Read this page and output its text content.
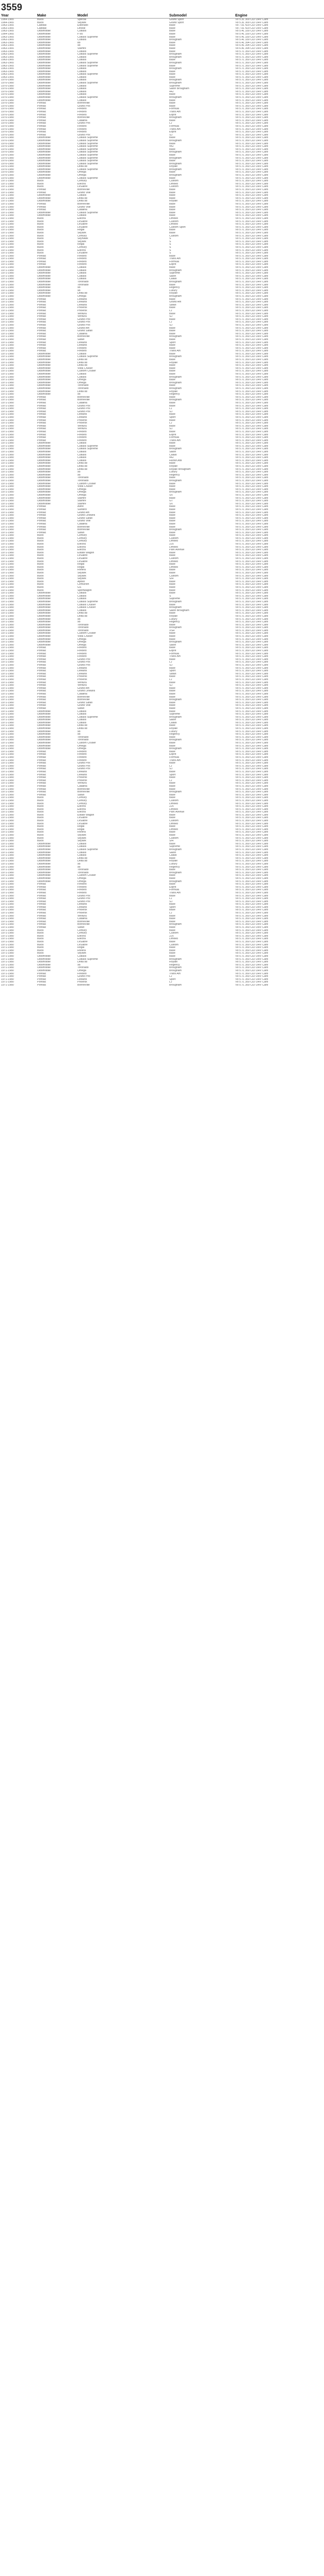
3559
Year	Make	Model	Submodel	Engine
1964-1965	Buick	Special	Grand Sport	V8 5.3L 300 CID OHV Carb
1964-1965	Buick	Skylark	Grand Sport	V8 5.3L 300 CID OHV Carb
1963-1965	Cadillac	Eldorado	Base	V8 7.0L 429 CID OHV Carb
1963-1965	Cadillac	Deville	Base	V8 7.0L 429 CID OHV Carb
1963-1965	Oldsmobile	Cutlass	Base	V8 5.4L 330 CID OHV Carb
1964-1965	Oldsmobile	F-85	Base	V8 5.4L 330 CID OHV Carb
1963-1965	Oldsmobile	Cutlass Supreme	Base	V8 5.4L 330 CID OHV Carb
1963-1965	Oldsmobile	Cutlass	Brougham	V8 5.4L 330 CID OHV Carb
1963-1965	Oldsmobile	88	Base	V8 6.4L 394 CID OHV Carb
1963-1965	Oldsmobile	98	Base	V8 6.4L 394 CID OHV Carb
1963-1965	Oldsmobile	Starfire	Base	V8 6.4L 394 CID OHV Carb
1963-1965	Oldsmobile	Cutlass	Base	V8 5.7L 350 CID OHV Carb
1963-1965	Oldsmobile	Cutlass Supreme	Brougham	V8 5.7L 350 CID OHV Carb
1963-1965	Oldsmobile	Cutlass	Brougham	V8 5.7L 350 CID OHV Carb
1963-1965	Oldsmobile	Cutlass	Base	V8 5.7L 350 CID OHV Carb
1963-1965	Oldsmobile	Cutlass Supreme	Brougham	V8 5.7L 350 CID OHV Carb
1963-1965	Oldsmobile	Cutlass Supreme	Base	V8 5.7L 350 CID OHV Carb
1963-1965	Oldsmobile	Cutlass	Brougham	V8 5.7L 350 CID OHV Carb
1963-1965	Oldsmobile	Cutlass	Base	V8 5.7L 350 CID OHV Carb
1963-1965	Oldsmobile	Cutlass Supreme	Base	V8 5.7L 350 CID OHV Carb
1963-1965	Oldsmobile	Cutlass	Base	V8 5.7L 350 CID OHV Carb
1970-1980	Oldsmobile	Cutlass	Brougham	V8 5.7L 350 CID OHV Carb
1970-1980	Oldsmobile	Cutlass Supreme	Brougham	V8 5.7L 350 CID OHV Carb
1970-1980	Oldsmobile	Cutlass	Supreme	V8 5.7L 350 CID OHV Carb
1970-1980	Oldsmobile	Cutlass	Salon Brougham	V8 5.7L 350 CID OHV Carb
1970-1980	Oldsmobile	Cutlass	442	V8 5.7L 350 CID OHV Carb
1970-1980	Oldsmobile	Cutlass	Base	V8 5.7L 350 CID OHV Carb
1970-1980	Oldsmobile	Cutlass Supreme	Brougham	V8 5.7L 350 CID OHV Carb
1970-1980	Oldsmobile	Cutlass	Base	V8 5.7L 350 CID OHV Carb
1970-1980	Pontiac	Bonneville	Base	V8 5.7L 350 CID OHV Carb
1970-1980	Pontiac	Grand Prix	Base	V8 5.7L 350 CID OHV Carb
1970-1980	Pontiac	Firebird	Formula	V8 5.7L 350 CID OHV Carb
1970-1980	Pontiac	Firebird	Trans Am	V8 5.7L 350 CID OHV Carb
1970-1980	Pontiac	Firebird	Esprit	V8 5.7L 350 CID OHV Carb
1970-1980	Pontiac	Bonneville	Brougham	V8 5.7L 350 CID OHV Carb
1970-1980	Pontiac	Catalina	Base	V8 5.7L 350 CID OHV Carb
1970-1980	Pontiac	Grand Prix	LJ	V8 5.7L 350 CID OHV Carb
1970-1980	Pontiac	Firebird	Formula	V8 5.7L 350 CID OHV Carb
1970-1980	Pontiac	Firebird	Trans Am	V8 5.7L 350 CID OHV Carb
1970-1980	Pontiac	Firebird	Esprit	V8 5.7L 350 CID OHV Carb
1970-1980	Pontiac	Grand Prix	SJ	V8 5.7L 350 CID OHV Carb
1970-1980	Oldsmobile	Cutlass Supreme	Base	V8 5.7L 350 CID OHV Carb
1970-1980	Oldsmobile	Cutlass Supreme	Brougham	V8 5.7L 350 CID OHV Carb
1970-1980	Oldsmobile	Cutlass Supreme	Base	V8 5.7L 350 CID OHV Carb
1970-1980	Oldsmobile	Cutlass Supreme	442	V8 5.7L 350 CID OHV Carb
1970-1980	Oldsmobile	Cutlass Supreme	Base	V8 5.7L 350 CID OHV Carb
1970-1980	Oldsmobile	Cutlass Supreme	Brougham	V8 5.7L 350 CID OHV Carb
1970-1980	Oldsmobile	Cutlass Supreme	Base	V8 5.7L 350 CID OHV Carb
1970-1980	Oldsmobile	Cutlass Supreme	Brougham	V8 5.7L 350 CID OHV Carb
1970-1980	Oldsmobile	Cutlass Supreme	Base	V8 5.7L 350 CID OHV Carb
1970-1980	Oldsmobile	Cutlass Supreme	Brougham	V8 5.7L 350 CID OHV Carb
1970-1980	Oldsmobile	Delta 88	Royale	V8 5.7L 350 CID OHV Carb
1970-1980	Oldsmobile	Cutlass Supreme	Brougham	V8 5.7L 350 CID OHV Carb
1970-1980	Oldsmobile	Omega	Base	V8 5.7L 350 CID OHV Carb
1970-1980	Oldsmobile	Omega	Brougham	V8 5.7L 350 CID OHV Carb
1970-1980	Oldsmobile	Cutlass Supreme	Base	V8 5.7L 350 CID OHV Carb
1971-1980	Buick	Century	Custom	V8 5.7L 350 CID OHV Carb
1971-1980	Buick	Electra	Limited	V8 5.7L 350 CID OHV Carb
1971-1980	Buick	LeSabre	Custom	V8 5.7L 350 CID OHV Carb
1971-1980	Pontiac	Bonneville	Base	V8 5.7L 350 CID OHV Carb
1971-1980	Pontiac	Grand Ville	Base	V8 5.7L 350 CID OHV Carb
1971-1980	Oldsmobile	Cutlass	Base	V8 5.7L 350 CID OHV Carb
1971-1980	Oldsmobile	Delta 88	Base	V8 5.7L 350 CID OHV Carb
1971-1980	Oldsmobile	Delta 88	Royale	V8 5.7L 350 CID OHV Carb
1971-1980	Pontiac	Bonneville	Base	V8 5.7L 350 CID OHV Carb
1971-1980	Pontiac	Grand Ville	Base	V8 5.7L 350 CID OHV Carb
1971-1980	Pontiac	Catalina	Base	V8 5.7L 350 CID OHV Carb
1971-1980	Oldsmobile	Cutlass Supreme	Base	V8 5.7L 350 CID OHV Carb
1971-1980	Oldsmobile	Cutlass	Base	V8 5.7L 350 CID OHV Carb
1971-1980	Buick	Electra	Limited	V8 5.7L 350 CID OHV Carb
1971-1980	Buick	LeSabre	Custom	V8 5.7L 350 CID OHV Carb
1971-1980	Buick	LeSabre	Limited	V8 5.7L 350 CID OHV Carb
1971-1980	Buick	LeSabre	Custom Sport	V8 5.7L 350 CID OHV Carb
1971-1980	Buick	Regal	Base	V8 5.7L 350 CID OHV Carb
1971-1980	Buick	Skylark	Base	V8 5.7L 350 CID OHV Carb
1971-1980	Buick	Century	Custom	V8 5.7L 350 CID OHV Carb
1971-1980	Buick	Skyhawk	S	V8 5.7L 350 CID OHV Carb
1971-1980	Buick	Skylark	S	V8 5.7L 350 CID OHV Carb
1971-1980	Buick	Regal	S	V8 5.7L 350 CID OHV Carb
1971-1980	Buick	Century	S	V8 5.7L 350 CID OHV Carb
1971-1980	Buick	Electra	S	V8 5.7L 350 CID OHV Carb
1971-1980	Buick	LeSabre	S	V8 5.7L 350 CID OHV Carb
1971-1980	Pontiac	Firebird	Base	V8 5.7L 350 CID OHV Carb
1971-1980	Pontiac	Firebird	Trans Am	V8 5.7L 350 CID OHV Carb
1971-1980	Pontiac	Firebird	Formula	V8 5.7L 350 CID OHV Carb
1971-1980	Pontiac	Firebird	Esprit	V8 5.7L 350 CID OHV Carb
1971-1980	Oldsmobile	Cutlass	Base	V8 5.7L 350 CID OHV Carb
1971-1980	Oldsmobile	Cutlass	Brougham	V8 5.7L 350 CID OHV Carb
1971-1980	Oldsmobile	Cutlass	Supreme	V8 5.7L 350 CID OHV Carb
1971-1980	Oldsmobile	Cutlass	Salon	V8 5.7L 350 CID OHV Carb
1971-1980	Oldsmobile	Cutlass	Calais	V8 5.7L 350 CID OHV Carb
1971-1980	Oldsmobile	Toronado	Brougham	V8 5.7L 350 CID OHV Carb
1971-1980	Oldsmobile	Toronado	Base	V8 5.7L 350 CID OHV Carb
1971-1980	Oldsmobile	98	Regency	V8 5.7L 350 CID OHV Carb
1971-1980	Oldsmobile	98	Luxury	V8 5.7L 350 CID OHV Carb
1971-1980	Oldsmobile	Delta 88	Royale	V8 5.7L 350 CID OHV Carb
1971-1980	Oldsmobile	Omega	Brougham	V8 5.7L 350 CID OHV Carb
1971-1980	Pontiac	LeMans	Base	V8 5.7L 350 CID OHV Carb
1971-1980	Pontiac	LeMans	Grand Am	V8 5.7L 350 CID OHV Carb
1971-1980	Pontiac	LeMans	Safari	V8 5.7L 350 CID OHV Carb
1971-1980	Pontiac	Phoenix	Base	V8 5.7L 350 CID OHV Carb
1971-1980	Pontiac	Phoenix	LJ	V8 5.7L 350 CID OHV Carb
1971-1980	Pontiac	Ventura	Base	V8 5.7L 350 CID OHV Carb
1971-1980	Pontiac	Ventura	SJ	V8 5.7L 350 CID OHV Carb
1971-1980	Pontiac	Grand Prix	Base	V8 5.7L 350 CID OHV Carb
1971-1980	Pontiac	Grand Prix	LJ	V8 5.7L 350 CID OHV Carb
1971-1980	Pontiac	Grand Prix	SJ	V8 5.7L 350 CID OHV Carb
1971-1980	Pontiac	Grand Am	Base	V8 5.7L 350 CID OHV Carb
1971-1980	Pontiac	Grand Safari	Base	V8 5.7L 350 CID OHV Carb
1971-1980	Pontiac	Catalina	Base	V8 5.7L 350 CID OHV Carb
1971-1980	Pontiac	Bonneville	Brougham	V8 5.7L 350 CID OHV Carb
1971-1980	Pontiac	Safari	Base	V8 5.7L 350 CID OHV Carb
1971-1980	Pontiac	LeMans	Sport	V8 5.7L 350 CID OHV Carb
1971-1980	Pontiac	LeMans	Base	V8 5.7L 350 CID OHV Carb
1971-1980	Pontiac	Firebird	Base	V8 5.7L 350 CID OHV Carb
1971-1980	Pontiac	Firebird	Trans Am	V8 5.7L 350 CID OHV Carb
1971-1980	Oldsmobile	Cutlass	Base	V8 5.7L 350 CID OHV Carb
1971-1980	Oldsmobile	Cutlass Supreme	Brougham	V8 5.7L 350 CID OHV Carb
1971-1980	Oldsmobile	Delta 88	Base	V8 5.7L 350 CID OHV Carb
1971-1980	Oldsmobile	Delta 88	Royale	V8 5.7L 350 CID OHV Carb
1971-1980	Oldsmobile	Delta 88	Base	V8 5.7L 350 CID OHV Carb
1971-1980	Oldsmobile	Vista Cruiser	Base	V8 5.7L 350 CID OHV Carb
1971-1980	Oldsmobile	Custom Cruiser	Base	V8 5.7L 350 CID OHV Carb
1971-1980	Oldsmobile	Cutlass	Base	V8 5.7L 350 CID OHV Carb
1971-1980	Oldsmobile	Cutlass	Brougham	V8 5.7L 350 CID OHV Carb
1971-1980	Oldsmobile	Omega	Base	V8 5.7L 350 CID OHV Carb
1971-1980	Oldsmobile	Omega	Brougham	V8 5.7L 350 CID OHV Carb
1971-1980	Oldsmobile	Toronado	Base	V8 5.7L 350 CID OHV Carb
1971-1980	Oldsmobile	Toronado	Brougham	V8 5.7L 350 CID OHV Carb
1971-1980	Oldsmobile	Delta 88	Royale	V8 5.7L 350 CID OHV Carb
1971-1980	Oldsmobile	98	Regency	V8 5.7L 350 CID OHV Carb
1971-1980	Pontiac	Bonneville	Base	V8 5.7L 350 CID OHV Carb
1971-1980	Pontiac	Bonneville	Brougham	V8 5.7L 350 CID OHV Carb
1971-1980	Pontiac	Catalina	Base	V8 5.7L 350 CID OHV Carb
1971-1980	Pontiac	Grand Prix	Base	V8 5.7L 350 CID OHV Carb
1971-1980	Pontiac	Grand Prix	LJ	V8 5.7L 350 CID OHV Carb
1971-1980	Pontiac	Grand Prix	SJ	V8 5.7L 350 CID OHV Carb
1971-1980	Pontiac	LeMans	Base	V8 5.7L 350 CID OHV Carb
1971-1980	Pontiac	LeMans	Sport	V8 5.7L 350 CID OHV Carb
1971-1980	Pontiac	Phoenix	Base	V8 5.7L 350 CID OHV Carb
1971-1980	Pontiac	Phoenix	LJ	V8 5.7L 350 CID OHV Carb
1971-1980	Pontiac	Ventura	Base	V8 5.7L 350 CID OHV Carb
1971-1980	Pontiac	Ventura	SJ	V8 5.7L 350 CID OHV Carb
1971-1980	Pontiac	Firebird	Base	V8 5.7L 350 CID OHV Carb
1971-1980	Pontiac	Firebird	Esprit	V8 5.7L 350 CID OHV Carb
1971-1980	Pontiac	Firebird	Formula	V8 5.7L 350 CID OHV Carb
1971-1980	Pontiac	Firebird	Trans Am	V8 5.7L 350 CID OHV Carb
1971-1980	Oldsmobile	Cutlass	Base	V8 5.7L 350 CID OHV Carb
1971-1980	Oldsmobile	Cutlass Supreme	Base	V8 5.7L 350 CID OHV Carb
1971-1980	Oldsmobile	Cutlass Supreme	Brougham	V8 5.7L 350 CID OHV Carb
1971-1980	Oldsmobile	Cutlass	Salon	V8 5.7L 350 CID OHV Carb
1971-1980	Oldsmobile	Cutlass	Calais	V8 5.7L 350 CID OHV Carb
1971-1980	Oldsmobile	Cutlass	442	V8 5.7L 350 CID OHV Carb
1971-1980	Oldsmobile	Cutlass	Hurst/Olds	V8 5.7L 350 CID OHV Carb
1971-1980	Oldsmobile	Delta 88	Base	V8 5.7L 350 CID OHV Carb
1971-1980	Oldsmobile	Delta 88	Royale	V8 5.7L 350 CID OHV Carb
1971-1980	Oldsmobile	Delta 88	Royale Brougham	V8 5.7L 350 CID OHV Carb
1971-1980	Oldsmobile	98	Luxury	V8 5.7L 350 CID OHV Carb
1971-1980	Oldsmobile	98	Regency	V8 5.7L 350 CID OHV Carb
1971-1980	Oldsmobile	Toronado	Base	V8 5.7L 350 CID OHV Carb
1971-1980	Oldsmobile	Toronado	Brougham	V8 5.7L 350 CID OHV Carb
1971-1980	Oldsmobile	Custom Cruiser	Base	V8 5.7L 350 CID OHV Carb
1971-1980	Oldsmobile	Vista Cruiser	Base	V8 5.7L 350 CID OHV Carb
1971-1980	Oldsmobile	Omega	Base	V8 5.7L 350 CID OHV Carb
1971-1980	Oldsmobile	Omega	Brougham	V8 5.7L 350 CID OHV Carb
1971-1980	Oldsmobile	Omega	SX	V8 5.7L 350 CID OHV Carb
1971-1980	Oldsmobile	Starfire	Base	V8 5.7L 350 CID OHV Carb
1971-1980	Oldsmobile	Starfire	GT	V8 5.7L 350 CID OHV Carb
1971-1980	Oldsmobile	Starfire	SX	V8 5.7L 350 CID OHV Carb
1971-1980	Pontiac	Astre	Base	V8 5.7L 350 CID OHV Carb
1971-1980	Pontiac	Sunbird	Base	V8 5.7L 350 CID OHV Carb
1971-1980	Pontiac	Grand Am	Base	V8 5.7L 350 CID OHV Carb
1971-1980	Pontiac	Grand LeMans	Base	V8 5.7L 350 CID OHV Carb
1971-1980	Pontiac	Grand Safari	Base	V8 5.7L 350 CID OHV Carb
1971-1980	Pontiac	Grand Ville	Base	V8 5.7L 350 CID OHV Carb
1971-1980	Pontiac	Catalina	Base	V8 5.7L 350 CID OHV Carb
1971-1980	Pontiac	Bonneville	Base	V8 5.7L 350 CID OHV Carb
1971-1980	Pontiac	Bonneville	Brougham	V8 5.7L 350 CID OHV Carb
1971-1980	Pontiac	Safari	Base	V8 5.7L 350 CID OHV Carb
1971-1980	Buick	Century	Base	V8 5.7L 350 CID OHV Carb
1971-1980	Buick	Century	Custom	V8 5.7L 350 CID OHV Carb
1971-1980	Buick	Century	Limited	V8 5.7L 350 CID OHV Carb
1971-1980	Buick	Electra	225	V8 5.7L 350 CID OHV Carb
1971-1980	Buick	Electra	Limited	V8 5.7L 350 CID OHV Carb
1971-1980	Buick	Electra	Park Avenue	V8 5.7L 350 CID OHV Carb
1971-1980	Buick	Estate Wagon	Base	V8 5.7L 350 CID OHV Carb
1971-1980	Buick	LeSabre	Base	V8 5.7L 350 CID OHV Carb
1971-1980	Buick	LeSabre	Custom	V8 5.7L 350 CID OHV Carb
1971-1980	Buick	LeSabre	Limited	V8 5.7L 350 CID OHV Carb
1971-1980	Buick	Regal	Base	V8 5.7L 350 CID OHV Carb
1971-1980	Buick	Regal	Limited	V8 5.7L 350 CID OHV Carb
1971-1980	Buick	Riviera	Base	V8 5.7L 350 CID OHV Carb
1971-1980	Buick	Skylark	Base	V8 5.7L 350 CID OHV Carb
1971-1980	Buick	Skylark	Custom	V8 5.7L 350 CID OHV Carb
1971-1980	Buick	Skylark	S/R	V8 5.7L 350 CID OHV Carb
1971-1980	Buick	Apollo	Base	V8 5.7L 350 CID OHV Carb
1971-1980	Buick	Centurion	Base	V8 5.7L 350 CID OHV Carb
1971-1980	Buick	GS	Base	V8 5.7L 350 CID OHV Carb
1971-1980	Buick	Sportwagon	Base	V8 5.7L 350 CID OHV Carb
1971-1980	Oldsmobile	Cutlass	Base	V8 5.7L 350 CID OHV Carb
1971-1980	Oldsmobile	Cutlass	S	V8 5.7L 350 CID OHV Carb
1971-1980	Oldsmobile	Cutlass	Supreme	V8 5.7L 350 CID OHV Carb
1971-1980	Oldsmobile	Cutlass Supreme	Brougham	V8 5.7L 350 CID OHV Carb
1971-1980	Oldsmobile	Cutlass Cruiser	Base	V8 5.7L 350 CID OHV Carb
1971-1980	Oldsmobile	Cutlass Cruiser	Brougham	V8 5.7L 350 CID OHV Carb
1971-1980	Oldsmobile	Cutlass	Salon Brougham	V8 5.7L 350 CID OHV Carb
1971-1980	Oldsmobile	Delta 88	Base	V8 5.7L 350 CID OHV Carb
1971-1980	Oldsmobile	Delta 88	Royale	V8 5.7L 350 CID OHV Carb
1971-1980	Oldsmobile	98	Luxury	V8 5.7L 350 CID OHV Carb
1971-1980	Oldsmobile	98	Regency	V8 5.7L 350 CID OHV Carb
1971-1980	Oldsmobile	Toronado	Base	V8 5.7L 350 CID OHV Carb
1971-1980	Oldsmobile	Toronado	Brougham	V8 5.7L 350 CID OHV Carb
1971-1980	Oldsmobile	Toronado	XSR	V8 5.7L 350 CID OHV Carb
1971-1980	Oldsmobile	Custom Cruiser	Base	V8 5.7L 350 CID OHV Carb
1971-1980	Oldsmobile	Vista Cruiser	Base	V8 5.7L 350 CID OHV Carb
1971-1980	Oldsmobile	Omega	Base	V8 5.7L 350 CID OHV Carb
1971-1980	Oldsmobile	Omega	Brougham	V8 5.7L 350 CID OHV Carb
1971-1980	Oldsmobile	Omega	Salon	V8 5.7L 350 CID OHV Carb
1971-1980	Pontiac	Firebird	Base	V8 5.7L 350 CID OHV Carb
1971-1980	Pontiac	Firebird	Esprit	V8 5.7L 350 CID OHV Carb
1971-1980	Pontiac	Firebird	Formula	V8 5.7L 350 CID OHV Carb
1971-1980	Pontiac	Firebird	Trans Am	V8 5.7L 350 CID OHV Carb
1971-1980	Pontiac	Grand Prix	Base	V8 5.7L 350 CID OHV Carb
1971-1980	Pontiac	Grand Prix	LJ	V8 5.7L 350 CID OHV Carb
1971-1980	Pontiac	Grand Prix	SJ	V8 5.7L 350 CID OHV Carb
1971-1980	Pontiac	LeMans	Base	V8 5.7L 350 CID OHV Carb
1971-1980	Pontiac	LeMans	Sport	V8 5.7L 350 CID OHV Carb
1971-1980	Pontiac	LeMans	Safari	V8 5.7L 350 CID OHV Carb
1971-1980	Pontiac	Phoenix	Base	V8 5.7L 350 CID OHV Carb
1971-1980	Pontiac	Phoenix	LJ	V8 5.7L 350 CID OHV Carb
1971-1980	Pontiac	Ventura	Base	V8 5.7L 350 CID OHV Carb
1971-1980	Pontiac	Ventura	SJ	V8 5.7L 350 CID OHV Carb
1971-1980	Pontiac	Grand Am	Base	V8 5.7L 350 CID OHV Carb
1971-1980	Pontiac	Grand LeMans	Base	V8 5.7L 350 CID OHV Carb
1971-1980	Pontiac	Catalina	Base	V8 5.7L 350 CID OHV Carb
1971-1980	Pontiac	Bonneville	Base	V8 5.7L 350 CID OHV Carb
1971-1980	Pontiac	Bonneville	Brougham	V8 5.7L 350 CID OHV Carb
1971-1980	Pontiac	Grand Safari	Base	V8 5.7L 350 CID OHV Carb
1971-1980	Pontiac	Grand Ville	Base	V8 5.7L 350 CID OHV Carb
1971-1980	Pontiac	Safari	Base	V8 5.7L 350 CID OHV Carb
1971-1980	Oldsmobile	Cutlass	Base	V8 5.7L 350 CID OHV Carb
1971-1980	Oldsmobile	Cutlass	Supreme	V8 5.7L 350 CID OHV Carb
1971-1980	Oldsmobile	Cutlass Supreme	Brougham	V8 5.7L 350 CID OHV Carb
1971-1980	Oldsmobile	Cutlass	Salon	V8 5.7L 350 CID OHV Carb
1971-1980	Oldsmobile	Cutlass	Calais	V8 5.7L 350 CID OHV Carb
1971-1980	Oldsmobile	Delta 88	Base	V8 5.7L 350 CID OHV Carb
1971-1980	Oldsmobile	Delta 88	Royale	V8 5.7L 350 CID OHV Carb
1971-1980	Oldsmobile	98	Luxury	V8 5.7L 350 CID OHV Carb
1971-1980	Oldsmobile	98	Regency	V8 5.7L 350 CID OHV Carb
1971-1980	Oldsmobile	Toronado	Base	V8 5.7L 350 CID OHV Carb
1971-1980	Oldsmobile	Toronado	Brougham	V8 5.7L 350 CID OHV Carb
1971-1980	Oldsmobile	Custom Cruiser	Base	V8 5.7L 350 CID OHV Carb
1971-1980	Oldsmobile	Omega	Base	V8 5.7L 350 CID OHV Carb
1971-1980	Oldsmobile	Omega	Brougham	V8 5.7L 350 CID OHV Carb
1971-1980	Pontiac	Firebird	Base	V8 5.7L 350 CID OHV Carb
1971-1980	Pontiac	Firebird	Esprit	V8 5.7L 350 CID OHV Carb
1971-1980	Pontiac	Firebird	Formula	V8 5.7L 350 CID OHV Carb
1971-1980	Pontiac	Firebird	Trans Am	V8 5.7L 350 CID OHV Carb
1971-1980	Pontiac	Grand Prix	Base	V8 5.7L 350 CID OHV Carb
1971-1980	Pontiac	Grand Prix	LJ	V8 5.7L 350 CID OHV Carb
1971-1980	Pontiac	Grand Prix	SJ	V8 5.7L 350 CID OHV Carb
1971-1980	Pontiac	LeMans	Base	V8 5.7L 350 CID OHV Carb
1971-1980	Pontiac	LeMans	Sport	V8 5.7L 350 CID OHV Carb
1971-1980	Pontiac	Phoenix	Base	V8 5.7L 350 CID OHV Carb
1971-1980	Pontiac	Phoenix	LJ	V8 5.7L 350 CID OHV Carb
1971-1980	Pontiac	Ventura	Base	V8 5.7L 350 CID OHV Carb
1971-1980	Pontiac	Catalina	Base	V8 5.7L 350 CID OHV Carb
1971-1980	Pontiac	Bonneville	Base	V8 5.7L 350 CID OHV Carb
1971-1980	Pontiac	Bonneville	Brougham	V8 5.7L 350 CID OHV Carb
1971-1980	Pontiac	Safari	Base	V8 5.7L 350 CID OHV Carb
1971-1980	Buick	Century	Base	V8 5.7L 350 CID OHV Carb
1971-1980	Buick	Century	Custom	V8 5.7L 350 CID OHV Carb
1971-1980	Buick	Century	Limited	V8 5.7L 350 CID OHV Carb
1971-1980	Buick	Electra	225	V8 5.7L 350 CID OHV Carb
1971-1980	Buick	Electra	Limited	V8 5.7L 350 CID OHV Carb
1971-1980	Buick	Electra	Park Avenue	V8 5.7L 350 CID OHV Carb
1971-1980	Buick	Estate Wagon	Base	V8 5.7L 350 CID OHV Carb
1971-1980	Buick	LeSabre	Base	V8 5.7L 350 CID OHV Carb
1971-1980	Buick	LeSabre	Custom	V8 5.7L 350 CID OHV Carb
1971-1980	Buick	LeSabre	Limited	V8 5.7L 350 CID OHV Carb
1971-1980	Buick	Regal	Base	V8 5.7L 350 CID OHV Carb
1971-1980	Buick	Regal	Limited	V8 5.7L 350 CID OHV Carb
1971-1980	Buick	Riviera	Base	V8 5.7L 350 CID OHV Carb
1971-1980	Buick	Skylark	Base	V8 5.7L 350 CID OHV Carb
1971-1980	Buick	Skylark	Custom	V8 5.7L 350 CID OHV Carb
1971-1980	Buick	Skylark	S/R	V8 5.7L 350 CID OHV Carb
1971-1980	Oldsmobile	Cutlass	Base	V8 5.7L 350 CID OHV Carb
1971-1980	Oldsmobile	Cutlass	Supreme	V8 5.7L 350 CID OHV Carb
1971-1980	Oldsmobile	Cutlass Supreme	Brougham	V8 5.7L 350 CID OHV Carb
1971-1980	Oldsmobile	Cutlass	Salon	V8 5.7L 350 CID OHV Carb
1971-1980	Oldsmobile	Cutlass	Calais	V8 5.7L 350 CID OHV Carb
1971-1980	Oldsmobile	Delta 88	Base	V8 5.7L 350 CID OHV Carb
1971-1980	Oldsmobile	Delta 88	Royale	V8 5.7L 350 CID OHV Carb
1971-1980	Oldsmobile	98	Luxury	V8 5.7L 350 CID OHV Carb
1971-1980	Oldsmobile	98	Regency	V8 5.7L 350 CID OHV Carb
1971-1980	Oldsmobile	Toronado	Base	V8 5.7L 350 CID OHV Carb
1971-1980	Oldsmobile	Toronado	Brougham	V8 5.7L 350 CID OHV Carb
1971-1980	Oldsmobile	Custom Cruiser	Base	V8 5.7L 350 CID OHV Carb
1971-1980	Oldsmobile	Omega	Base	V8 5.7L 350 CID OHV Carb
1971-1980	Oldsmobile	Omega	Brougham	V8 5.7L 350 CID OHV Carb
1971-1980	Pontiac	Firebird	Base	V8 5.7L 350 CID OHV Carb
1971-1980	Pontiac	Firebird	Esprit	V8 5.7L 350 CID OHV Carb
1971-1980	Pontiac	Firebird	Formula	V8 5.7L 350 CID OHV Carb
1971-1980	Pontiac	Firebird	Trans Am	V8 5.7L 350 CID OHV Carb
1971-1980	Pontiac	Grand Prix	Base	V8 5.7L 350 CID OHV Carb
1971-1980	Pontiac	Grand Prix	LJ	V8 5.7L 350 CID OHV Carb
1971-1980	Pontiac	Grand Prix	SJ	V8 5.7L 350 CID OHV Carb
1971-1980	Pontiac	LeMans	Base	V8 5.7L 350 CID OHV Carb
1971-1980	Pontiac	LeMans	Sport	V8 5.7L 350 CID OHV Carb
1971-1980	Pontiac	Phoenix	Base	V8 5.7L 350 CID OHV Carb
1971-1980	Pontiac	Phoenix	LJ	V8 5.7L 350 CID OHV Carb
1971-1980	Pontiac	Ventura	Base	V8 5.7L 350 CID OHV Carb
1971-1980	Pontiac	Catalina	Base	V8 5.7L 350 CID OHV Carb
1971-1980	Pontiac	Bonneville	Base	V8 5.7L 350 CID OHV Carb
1971-1980	Pontiac	Bonneville	Brougham	V8 5.7L 350 CID OHV Carb
1971-1980	Pontiac	Safari	Base	V8 5.7L 350 CID OHV Carb
1971-1980	Buick	Century	Base	V8 5.7L 350 CID OHV Carb
1971-1980	Buick	Century	Custom	V8 5.7L 350 CID OHV Carb
1971-1980	Buick	Electra	225	V8 5.7L 350 CID OHV Carb
1971-1980	Buick	Electra	Limited	V8 5.7L 350 CID OHV Carb
1971-1980	Buick	LeSabre	Base	V8 5.7L 350 CID OHV Carb
1971-1980	Buick	LeSabre	Custom	V8 5.7L 350 CID OHV Carb
1971-1980	Buick	Regal	Base	V8 5.7L 350 CID OHV Carb
1971-1980	Buick	Riviera	Base	V8 5.7L 350 CID OHV Carb
1971-1980	Buick	Skylark	Base	V8 5.7L 350 CID OHV Carb
1971-1980	Oldsmobile	Cutlass	Base	V8 5.7L 350 CID OHV Carb
1971-1980	Oldsmobile	Cutlass Supreme	Brougham	V8 5.7L 350 CID OHV Carb
1971-1980	Oldsmobile	Delta 88	Royale	V8 5.7L 350 CID OHV Carb
1971-1980	Oldsmobile	98	Regency	V8 5.7L 350 CID OHV Carb
1971-1980	Oldsmobile	Toronado	Brougham	V8 5.7L 350 CID OHV Carb
1971-1980	Oldsmobile	Omega	Brougham	V8 5.7L 350 CID OHV Carb
1971-1980	Pontiac	Firebird	Trans Am	V8 5.7L 350 CID OHV Carb
1971-1980	Pontiac	Grand Prix	LJ	V8 5.7L 350 CID OHV Carb
1971-1980	Pontiac	LeMans	Sport	V8 5.7L 350 CID OHV Carb
1971-1980	Pontiac	Phoenix	LJ	V8 5.7L 350 CID OHV Carb
1971-1980	Pontiac	Bonneville	Brougham	V8 5.7L 350 CID OHV Carb
